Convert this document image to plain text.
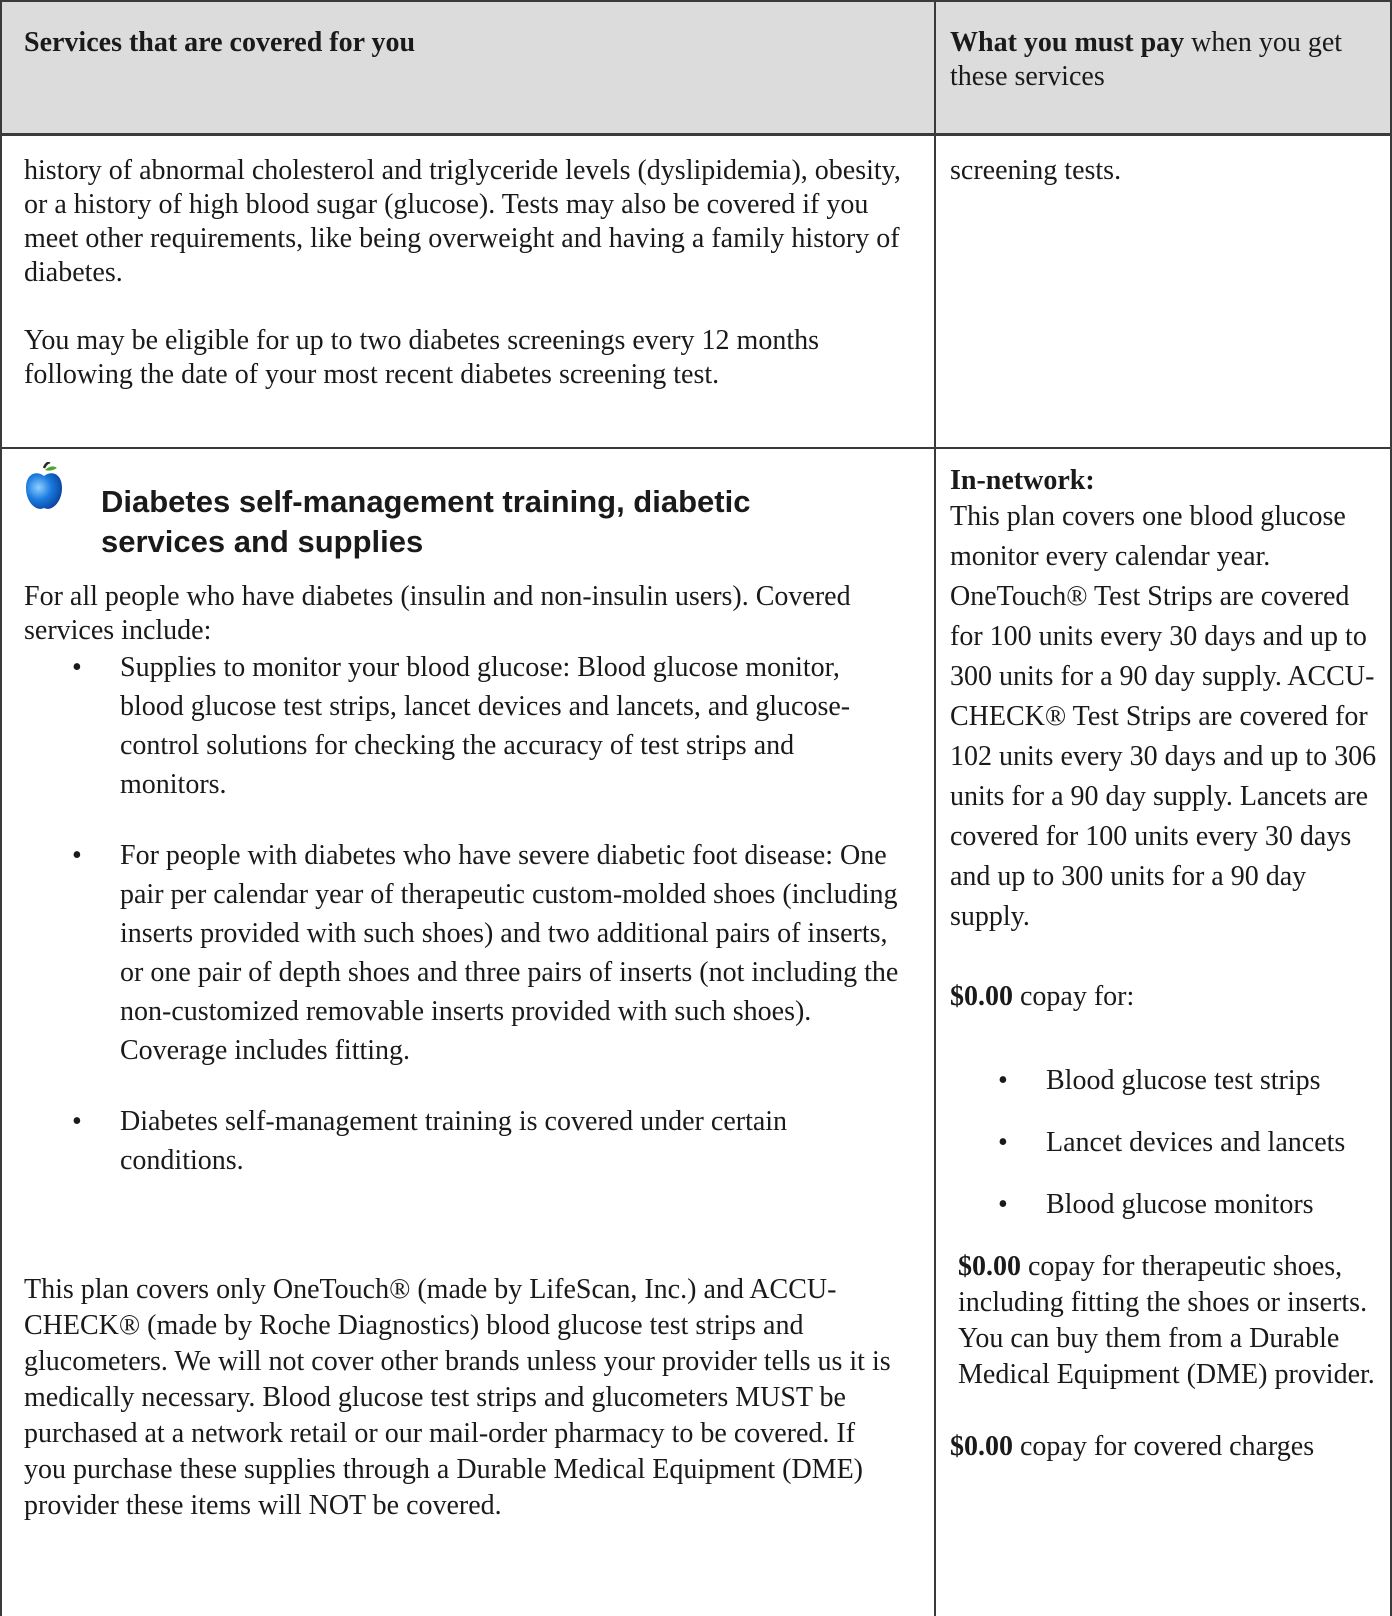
Services that are covered for you	What you must pay when you get these services

history of abnormal cholesterol and triglyceride levels (dyslipidemia), obesity, or a history of high blood sugar (glucose). Tests may also be covered if you meet other requirements, like being overweight and having a family history of diabetes.

You may be eligible for up to two diabetes screenings every 12 months following the date of your most recent diabetes screening test.

screening tests.
Diabetes self-management training, diabetic services and supplies

For all people who have diabetes (insulin and non-insulin users). Covered services include:

• Supplies to monitor your blood glucose: Blood glucose monitor, blood glucose test strips, lancet devices and lancets, and glucose-control solutions for checking the accuracy of test strips and monitors.
• For people with diabetes who have severe diabetic foot disease: One pair per calendar year of therapeutic custom-molded shoes (including inserts provided with such shoes) and two additional pairs of inserts, or one pair of depth shoes and three pairs of inserts (not including the non-customized removable inserts provided with such shoes). Coverage includes fitting.
• Diabetes self-management training is covered under certain conditions.
This plan covers only OneTouch® (made by LifeScan, Inc.) and ACCU-CHECK® (made by Roche Diagnostics) blood glucose test strips and glucometers. We will not cover other brands unless your provider tells us it is medically necessary. Blood glucose test strips and glucometers MUST be purchased at a network retail or our mail-order pharmacy to be covered. If you purchase these supplies through a Durable Medical Equipment (DME) provider these items will NOT be covered.

In-network:

This plan covers one blood glucose monitor every calendar year. OneTouch® Test Strips are covered for 100 units every 30 days and up to 300 units for a 90 day supply. ACCU-CHECK® Test Strips are covered for 102 units every 30 days and up to 306 units for a 90 day supply. Lancets are covered for 100 units every 30 days and up to 300 units for a 90 day supply.

$0.00 copay for:

• Blood glucose test strips
• Lancet devices and lancets
• Blood glucose monitors

$0.00 copay for therapeutic shoes, including fitting the shoes or inserts. You can buy them from a Durable Medical Equipment (DME) provider.

$0.00 copay for covered charges
